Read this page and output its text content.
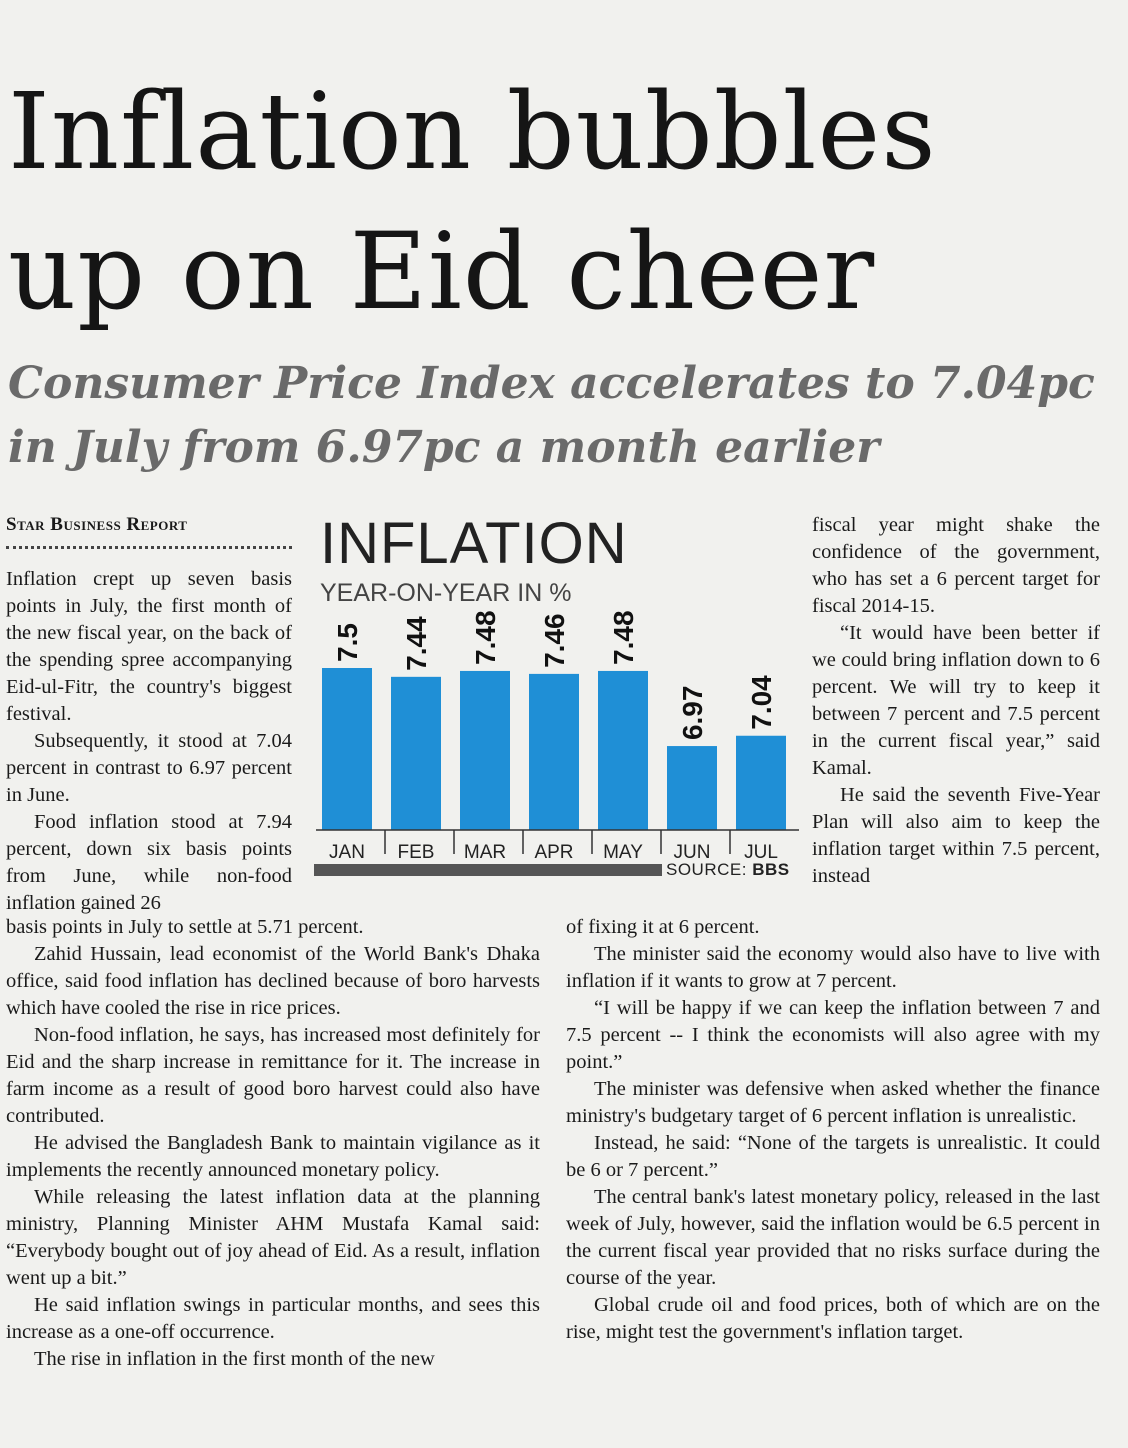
Inflation bubbles
up on Eid cheer
Consumer Price Index accelerates to 7.04pc
in July from 6.97pc a month earlier
Star Business Report

Inflation crept up seven basis points in July, the first month of the new fiscal year, on the back of the spending spree accompanying Eid-ul-Fitr, the country's biggest festival.

Subsequently, it stood at 7.04 percent in contrast to 6.97 percent in June.

Food inflation stood at 7.94 percent, down six basis points from June, while non-food inflation gained 26

fiscal year might shake the confidence of the government, who has set a 6 percent target for fiscal 2014-15.

“It would have been better if we could bring inflation down to 6 percent. We will try to keep it between 7 percent and 7.5 percent in the current fiscal year,” said Kamal.

He said the seventh Five-Year Plan will also aim to keep the inflation target within 7.5 percent, instead

basis points in July to settle at 5.71 percent.

Zahid Hussain, lead economist of the World Bank's Dhaka office, said food inflation has declined because of boro harvests which have cooled the rise in rice prices.

Non-food inflation, he says, has increased most definitely for Eid and the sharp increase in remittance for it. The increase in farm income as a result of good boro harvest could also have contributed.

He advised the Bangladesh Bank to maintain vigilance as it implements the recently announced monetary policy.

While releasing the latest inflation data at the planning ministry, Planning Minister AHM Mustafa Kamal said: “Everybody bought out of joy ahead of Eid. As a result, inflation went up a bit.”

He said inflation swings in particular months, and sees this increase as a one-off occurrence.

The rise in inflation in the first month of the new

of fixing it at 6 percent.

The minister said the economy would also have to live with inflation if it wants to grow at 7 percent.

“I will be happy if we can keep the inflation between 7 and 7.5 percent -- I think the economists will also agree with my point.”

The minister was defensive when asked whether the finance ministry's budgetary target of 6 percent inflation is unrealistic.

Instead, he said: “None of the targets is unrealistic. It could be 6 or 7 percent.”

The central bank's latest monetary policy, released in the last week of July, however, said the inflation would be 6.5 percent in the current fiscal year provided that no risks surface during the course of the year.

Global crude oil and food prices, both of which are on the rise, might test the government's inflation target.

INFLATION
YEAR-ON-YEAR IN %
7.5
JAN
7.44
FEB
7.48
MAR
7.46
APR
7.48
MAY
6.97
JUN
7.04
JUL
SOURCE: BBS
